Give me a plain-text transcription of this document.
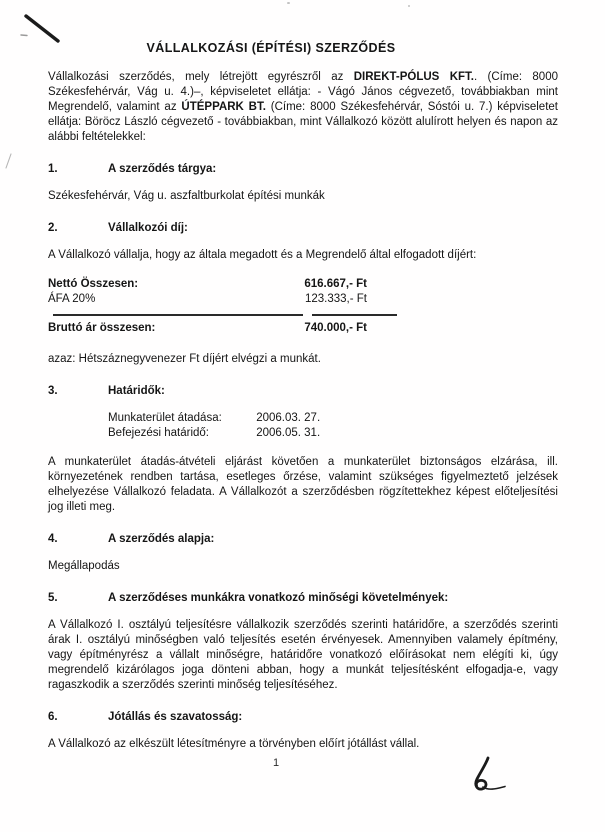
VÁLLALKOZÁSI (ÉPÍTÉSI) SZERZŐDÉS

Vállalkozási szerződés, mely létrejött egyrészről az DIREKT-PÓLUS KFT.. (Címe: 8000 Székesfehérvár, Vág u. 4.)–, képviseletet ellátja: - Vágó János cégvezető, továbbiakban mint Megrendelő, valamint az ÚTÉPPARK BT. (Címe: 8000 Székesfehérvár, Sóstói u. 7.) képviseletet ellátja: Böröcz László cégvezető - továbbiakban, mint Vállalkozó között alulírott helyen és napon az alábbi feltételekkel:

1.	A szerződés tárgya:
Székesfehérvár, Vág u. aszfaltburkolat építési munkák
2.	Vállalkozói díj:
A Vállalkozó vállalja, hogy az általa megadott és a Megrendelő által elfogadott díjért:
Nettó Összesen:	616.667,- Ft
ÁFA 20%	123.333,- Ft
Bruttó ár összesen:	740.000,- Ft
azaz: Hétszáznegyvenezer Ft díjért elvégzi a munkát.
3.	Határidők:
Munkaterület átadása:	2006.03. 27.
Befejezési határidő:	2006.05. 31.
A munkaterület átadás-átvételi eljárást követően a munkaterület biztonságos elzárása, ill. környezetének rendben tartása, esetleges őrzése, valamint szükséges figyelmeztető jelzések elhelyezése Vállalkozó feladata. A Vállalkozót a szerződésben rögzítettekhez képest előteljesítési jog illeti meg.
4.	A szerződés alapja:
Megállapodás
5.	A szerződéses munkákra vonatkozó minőségi követelmények:
A Vállalkozó I. osztályú teljesítésre vállalkozik szerződés szerinti határidőre, a szerződés szerinti árak I. osztályú minőségben való teljesítés esetén érvényesek. Amennyiben valamely építmény, vagy építményrész a vállalt minőségre, határidőre vonatkozó előírásokat nem elégíti ki, úgy megrendelő kizárólagos joga dönteni abban, hogy a munkát teljesítésként elfogadja-e, vagy ragaszkodik a szerződés szerinti minőség teljesítéséhez.
6.	Jótállás és szavatosság:
A Vállalkozó az elkészült létesítményre a törvényben előírt jótállást vállal.
1
